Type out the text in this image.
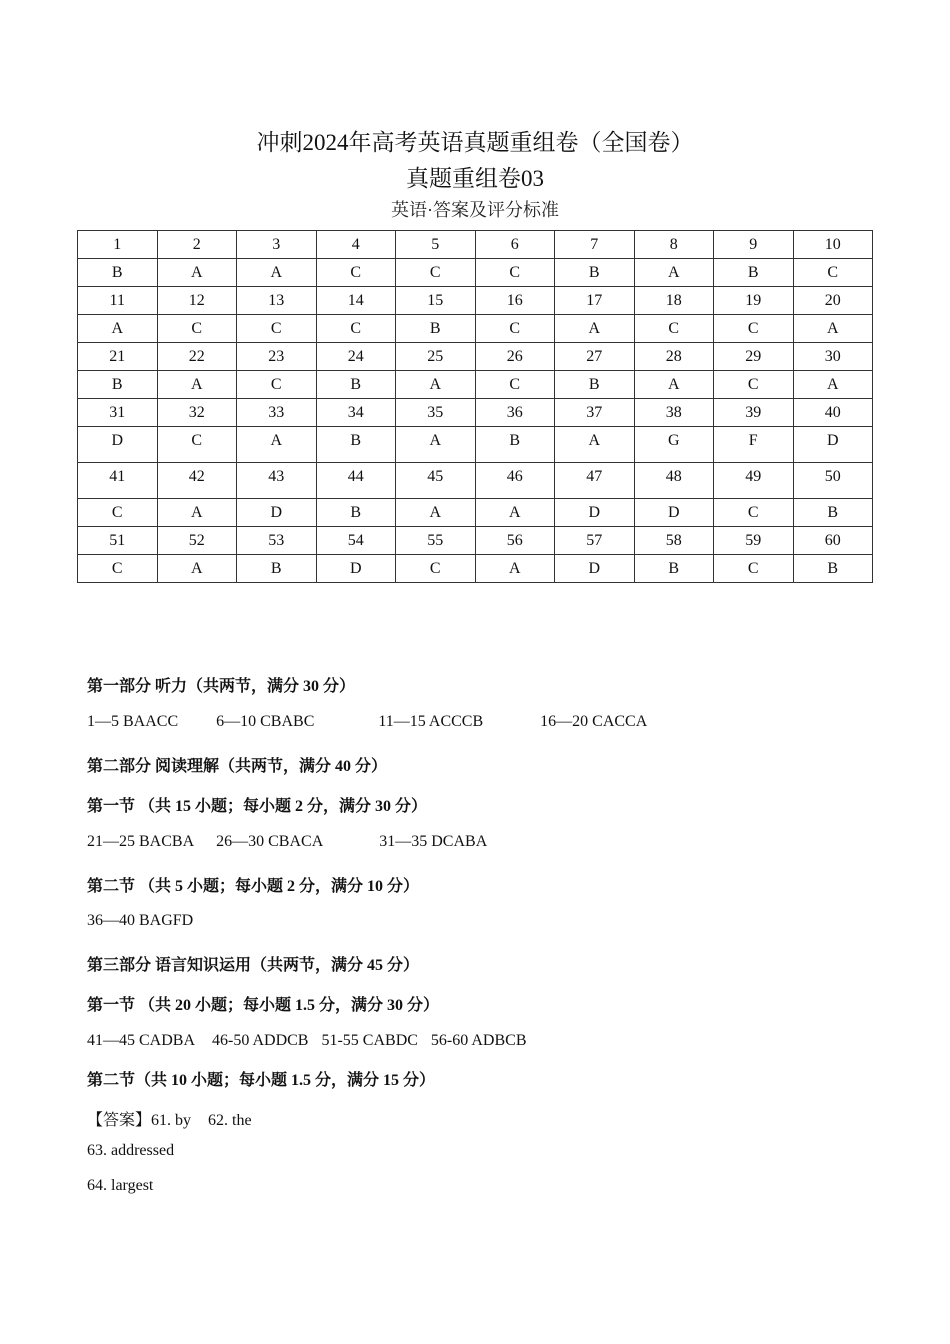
冲刺2024年高考英语真题重组卷（全国卷）
真题重组卷03
英语·答案及评分标准
1	2	3	4	5	6	7	8	9	10
B	A	A	C	C	C	B	A	B	C
11	12	13	14	15	16	17	18	19	20
A	C	C	C	B	C	A	C	C	A
21	22	23	24	25	26	27	28	29	30
B	A	C	B	A	C	B	A	C	A
31	32	33	34	35	36	37	38	39	40
D	C	A	B	A	B	A	G	F	D
41	42	43	44	45	46	47	48	49	50
C	A	D	B	A	A	D	D	C	B
51	52	53	54	55	56	57	58	59	60
C	A	B	D	C	A	D	B	C	B
第一部分 听力（共两节，满分 30 分）
1—5 BAACC 6—10 CBABC	11—15 ACCCB	16—20 CACCA
第二部分 阅读理解（共两节，满分 40 分）
第一节 （共 15 小题；每小题 2 分，满分 30 分）
21—25 BACBA 26—30 CBACA	31—35 DCABA
第二节 （共 5 小题；每小题 2 分，满分 10 分）
36—40 BAGFD
第三部分 语言知识运用（共两节，满分 45 分）
第一节 （共 20 小题；每小题 1.5 分，满分 30 分）
41—45 CADBA 46-50 ADDCB 51-55 CABDC 56-60 ADBCB
第二节（共 10 小题；每小题 1.5 分，满分 15 分）
【答案】61. by 62. the
63. addressed
64. largest
